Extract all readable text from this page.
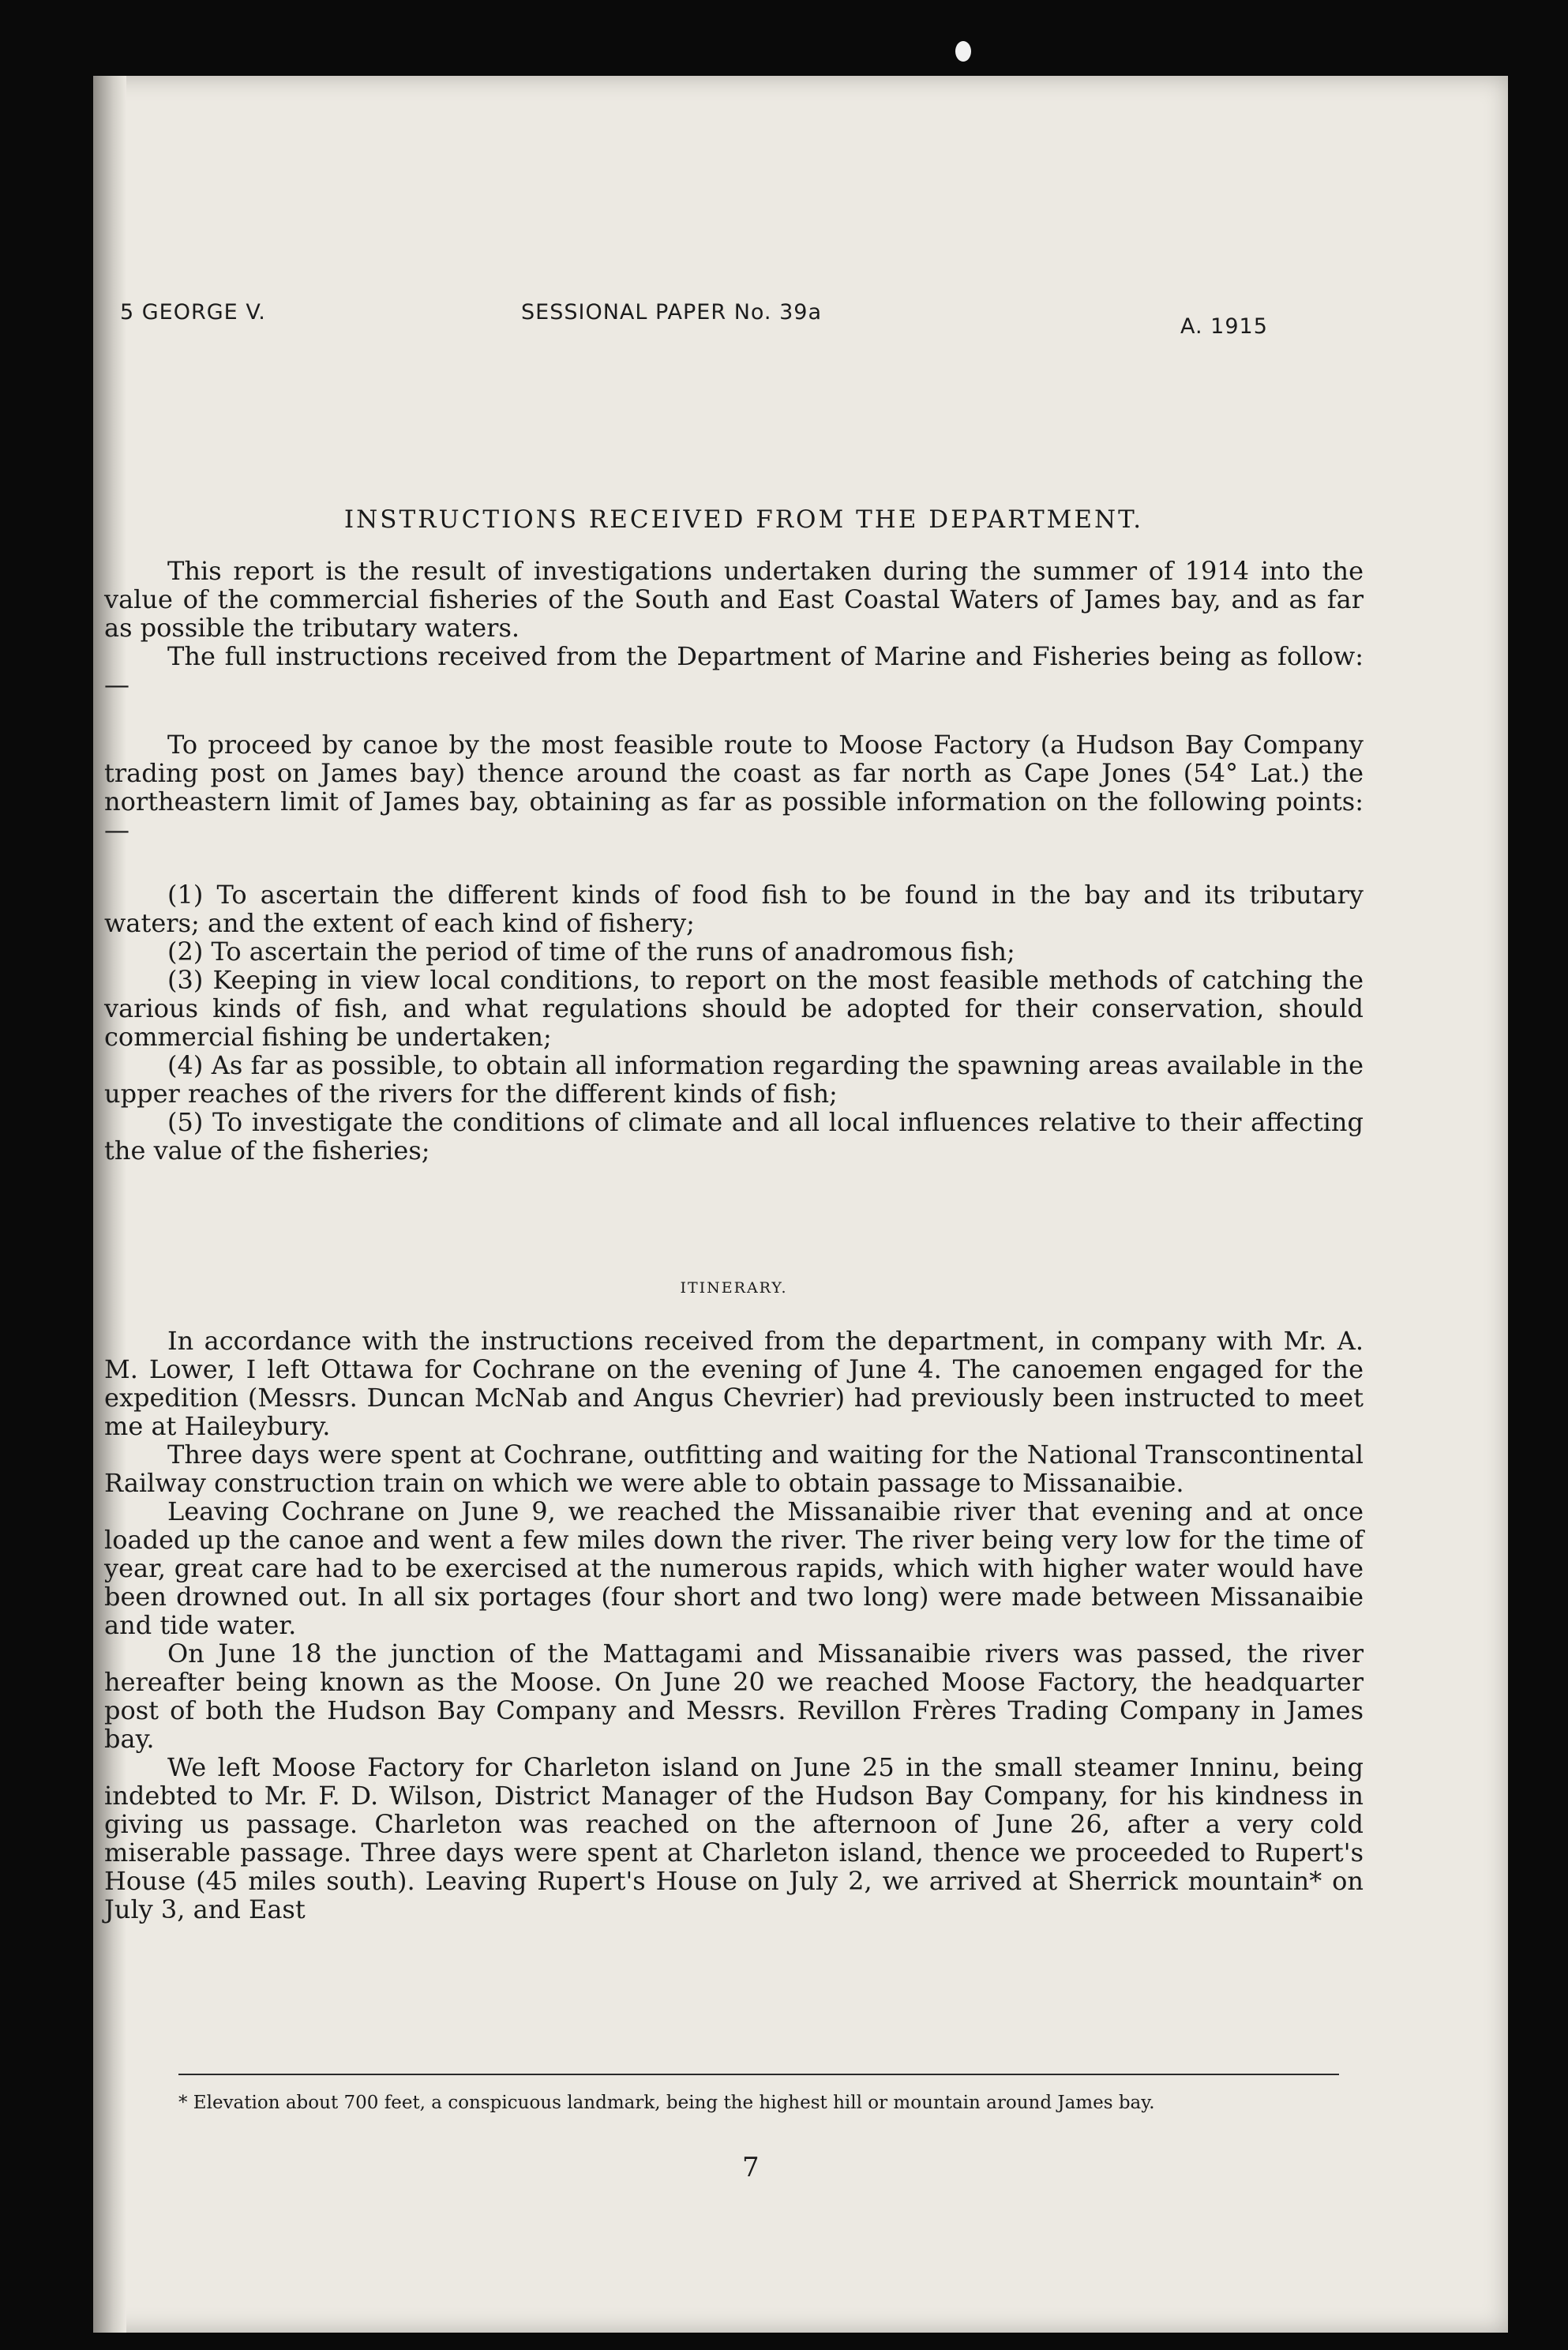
5 GEORGE V.	SESSIONAL PAPER No. 39a
A. 1915
INSTRUCTIONS RECEIVED FROM THE DEPARTMENT.

This report is the result of investigations undertaken during the summer of 1914 into the value of the commercial fisheries of the South and East Coastal Waters of James bay, and as far as possible the tributary waters.

The full instructions received from the Department of Marine and Fisheries being as follow:—

To proceed by canoe by the most feasible route to Moose Factory (a Hudson Bay Company trading post on James bay) thence around the coast as far north as Cape Jones (54° Lat.) the northeastern limit of James bay, obtaining as far as possible information on the following points:—

(1) To ascertain the different kinds of food fish to be found in the bay and its tributary waters; and the extent of each kind of fishery;

(2) To ascertain the period of time of the runs of anadromous fish;

(3) Keeping in view local conditions, to report on the most feasible methods of catching the various kinds of fish, and what regulations should be adopted for their conservation, should commercial fishing be undertaken;

(4) As far as possible, to obtain all information regarding the spawning areas available in the upper reaches of the rivers for the different kinds of fish;

(5) To investigate the conditions of climate and all local influences relative to their affecting the value of the fisheries;

ITINERARY.

In accordance with the instructions received from the department, in company with Mr. A. M. Lower, I left Ottawa for Cochrane on the evening of June 4. The canoemen engaged for the expedition (Messrs. Duncan McNab and Angus Chevrier) had previously been instructed to meet me at Haileybury.

Three days were spent at Cochrane, outfitting and waiting for the National Transcontinental Railway construction train on which we were able to obtain passage to Missanaibie.

Leaving Cochrane on June 9, we reached the Missanaibie river that evening and at once loaded up the canoe and went a few miles down the river. The river being very low for the time of year, great care had to be exercised at the numerous rapids, which with higher water would have been drowned out. In all six portages (four short and two long) were made between Missanaibie and tide water.

On June 18 the junction of the Mattagami and Missanaibie rivers was passed, the river hereafter being known as the Moose. On June 20 we reached Moose Factory, the headquarter post of both the Hudson Bay Company and Messrs. Revillon Frères Trading Company in James bay.

We left Moose Factory for Charleton island on June 25 in the small steamer Inninu, being indebted to Mr. F. D. Wilson, District Manager of the Hudson Bay Company, for his kindness in giving us passage. Charleton was reached on the afternoon of June 26, after a very cold miserable passage. Three days were spent at Charleton island, thence we proceeded to Rupert's House (45 miles south). Leaving Rupert's House on July 2, we arrived at Sherrick mountain* on July 3, and East

* Elevation about 700 feet, a conspicuous landmark, being the highest hill or mountain around James bay.
7
